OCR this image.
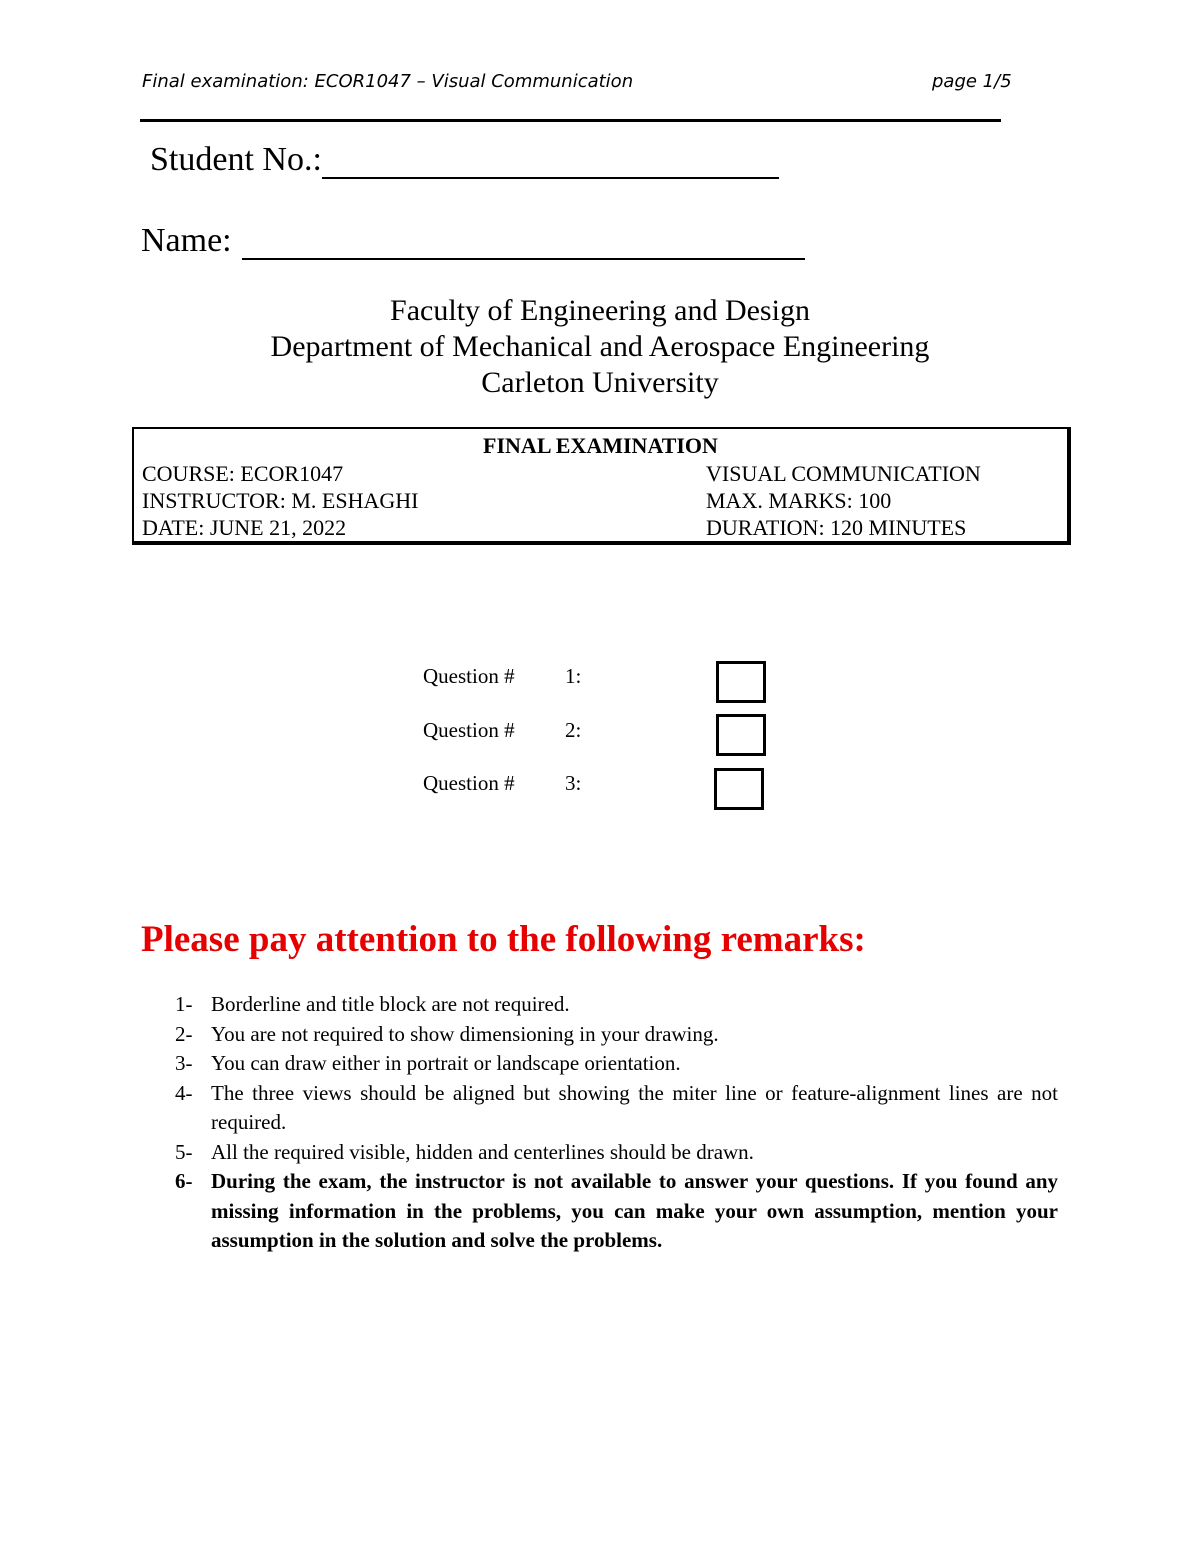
Final examination: ECOR1047 – Visual Communication	page 1/5
Student No.:
Name:
Faculty of Engineering and Design
Department of Mechanical and Aerospace Engineering
Carleton University
FINAL EXAMINATION
COURSE: ECOR1047	VISUAL COMMUNICATION
INSTRUCTOR: M. ESHAGHI	MAX. MARKS: 100
DATE: JUNE 21, 2022	DURATION: 120 MINUTES
Question # 1:
Question # 2:
Question # 3:
Please pay attention to the following remarks:
1- Borderline and title block are not required.
2- You are not required to show dimensioning in your drawing.
3- You can draw either in portrait or landscape orientation.
4- The three views should be aligned but showing the miter line or feature-alignment lines are not required.
5- All the required visible, hidden and centerlines should be drawn.
6- During the exam, the instructor is not available to answer your questions. If you found any missing information in the problems, you can make your own assumption, mention your assumption in the solution and solve the problems.
